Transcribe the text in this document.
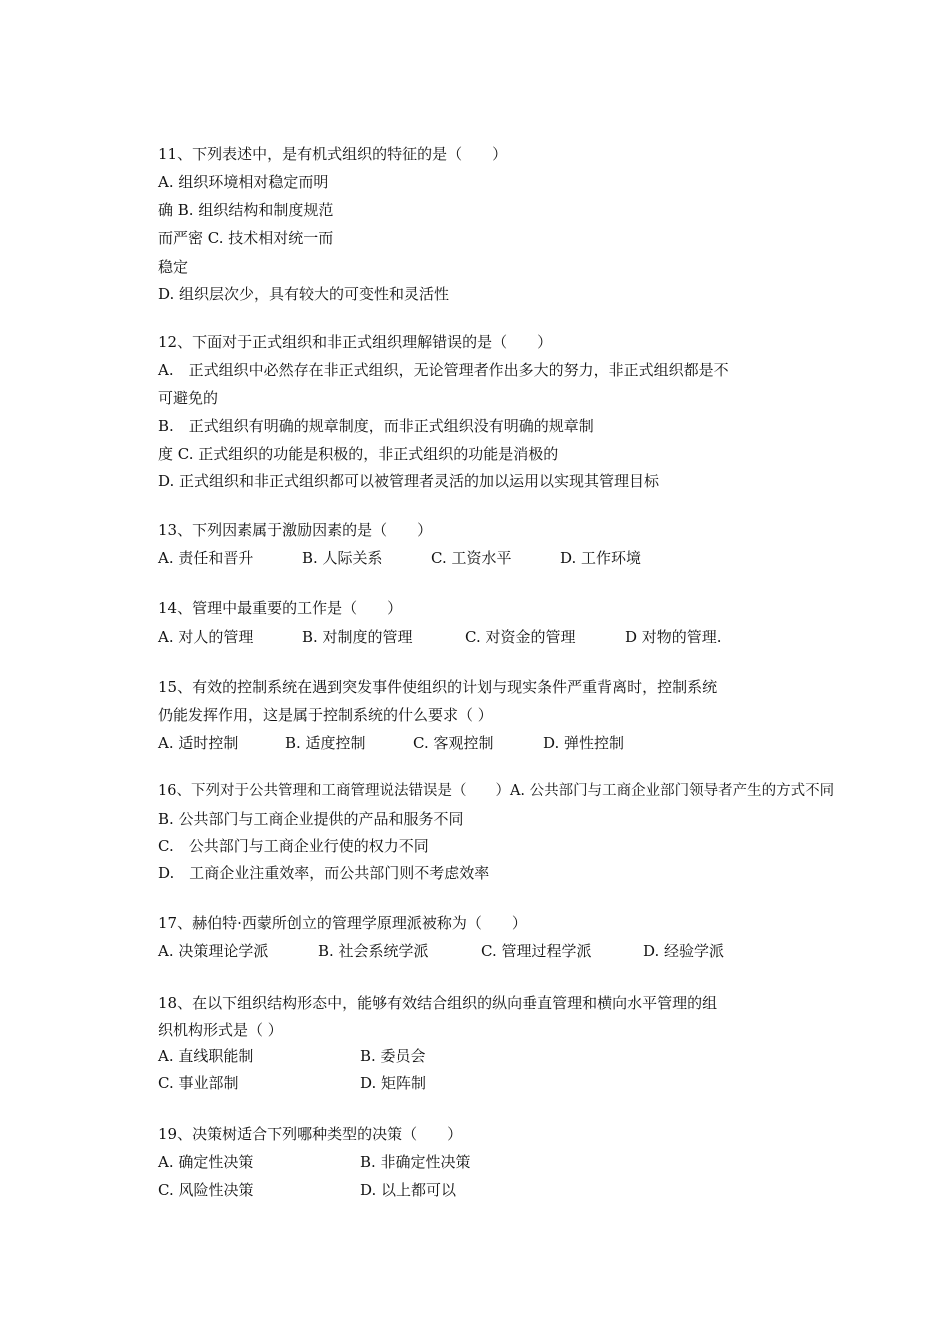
11、下列表述中，是有机式组织的特征的是（　　）
A. 组织环境相对稳定而明
确 B. 组织结构和制度规范
而严密 C. 技术相对统一而
稳定
D. 组织层次少，具有较大的可变性和灵活性
12、下面对于正式组织和非正式组织理解错误的是（　　）
A.　正式组织中必然存在非正式组织，无论管理者作出多大的努力，非正式组织都是不
可避免的
B.　正式组织有明确的规章制度，而非正式组织没有明确的规章制
度 C. 正式组织的功能是积极的，非正式组织的功能是消极的
D. 正式组织和非正式组织都可以被管理者灵活的加以运用以实现其管理目标
13、下列因素属于激励因素的是（　　）
A. 责任和晋升	B. 人际关系	C. 工资水平	D. 工作环境
14、管理中最重要的工作是（　　）
A. 对人的管理	B. 对制度的管理	C. 对资金的管理	D 对物的管理.
15、有效的控制系统在遇到突发事件使组织的计划与现实条件严重背离时，控制系统
仍能发挥作用，这是属于控制系统的什么要求（ ）
A. 适时控制	B. 适度控制	C. 客观控制	D. 弹性控制
16、下列对于公共管理和工商管理说法错误是（　　）A. 公共部门与工商企业部门领导者产生的方式不同
B. 公共部门与工商企业提供的产品和服务不同
C.　公共部门与工商企业行使的权力不同
D.　工商企业注重效率，而公共部门则不考虑效率
17、赫伯特·西蒙所创立的管理学原理派被称为（　　）
A. 决策理论学派	B. 社会系统学派	C. 管理过程学派	D. 经验学派
18、在以下组织结构形态中，能够有效结合组织的纵向垂直管理和横向水平管理的组
织机构形式是（ ）
A. 直线职能制	B. 委员会
C. 事业部制	D. 矩阵制
19、决策树适合下列哪种类型的决策（　　）
A. 确定性决策	B. 非确定性决策
C. 风险性决策	D. 以上都可以
